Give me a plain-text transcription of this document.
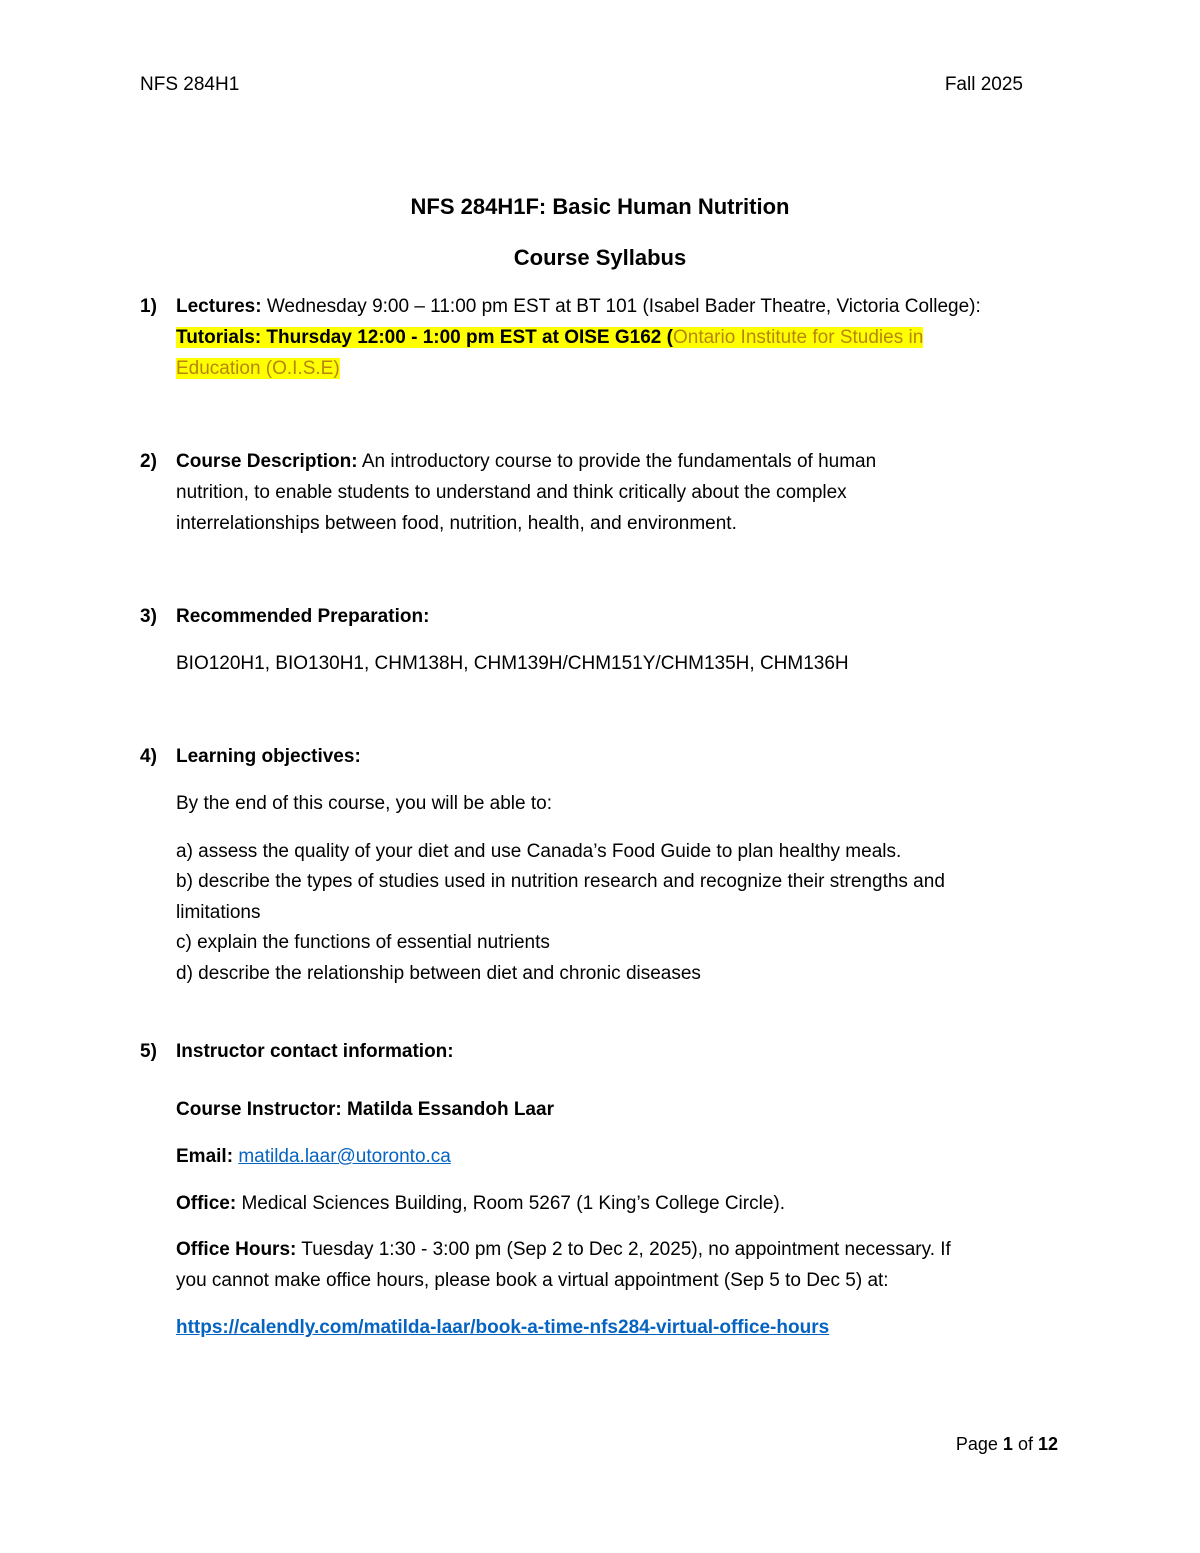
NFS 284H1	Fall 2025
NFS 284H1F: Basic Human Nutrition
Course Syllabus
1) Lectures: Wednesday 9:00 – 11:00 pm EST at BT 101 (Isabel Bader Theatre, Victoria College):
Tutorials: Thursday 12:00 - 1:00 pm EST at OISE G162 (Ontario Institute for Studies in
Education (O.I.S.E)
2) Course Description: An introductory course to provide the fundamentals of human
nutrition, to enable students to understand and think critically about the complex
interrelationships between food, nutrition, health, and environment.
3) Recommended Preparation:
BIO120H1, BIO130H1, CHM138H, CHM139H/CHM151Y/CHM135H, CHM136H
4) Learning objectives:
By the end of this course, you will be able to:
a) assess the quality of your diet and use Canada’s Food Guide to plan healthy meals.
b) describe the types of studies used in nutrition research and recognize their strengths and
limitations
c) explain the functions of essential nutrients
d) describe the relationship between diet and chronic diseases
5) Instructor contact information:
Course Instructor: Matilda Essandoh Laar
Email: matilda.laar@utoronto.ca
Office: Medical Sciences Building, Room 5267 (1 King’s College Circle).
Office Hours: Tuesday 1:30 - 3:00 pm (Sep 2 to Dec 2, 2025), no appointment necessary. If
you cannot make office hours, please book a virtual appointment (Sep 5 to Dec 5) at:
https://calendly.com/matilda-laar/book-a-time-nfs284-virtual-office-hours
Page 1 of 12
